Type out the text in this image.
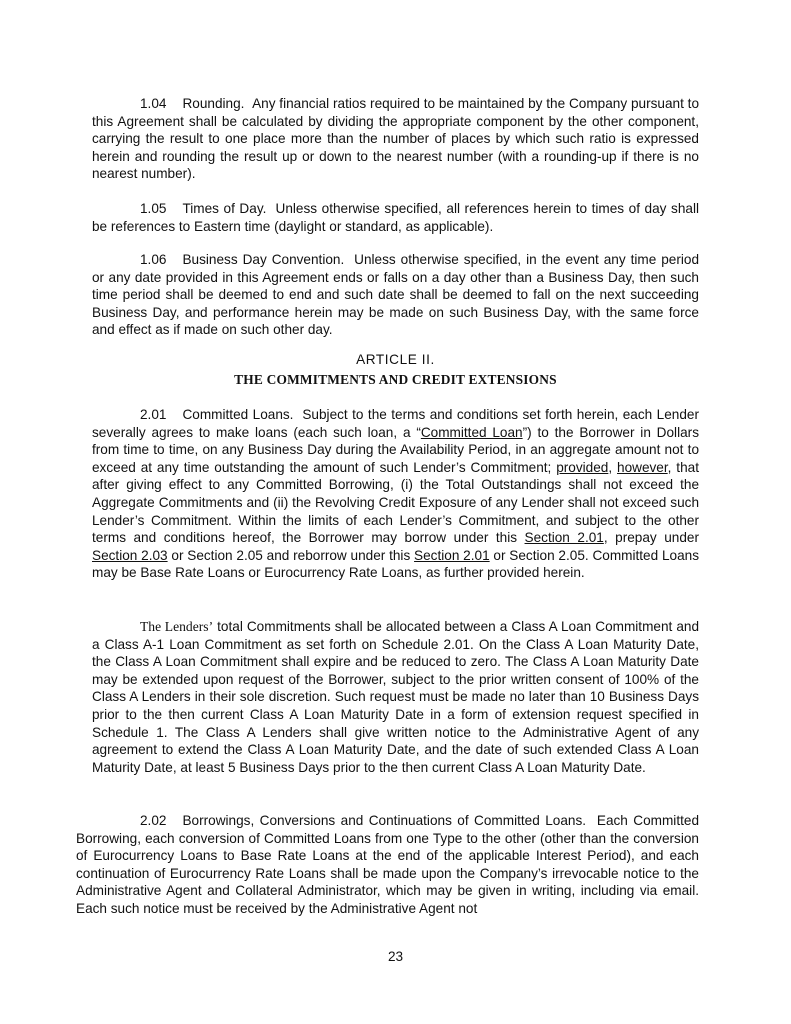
1.04 Rounding. Any financial ratios required to be maintained by the Company pursuant to this Agreement shall be calculated by dividing the appropriate component by the other component, carrying the result to one place more than the number of places by which such ratio is expressed herein and rounding the result up or down to the nearest number (with a rounding-up if there is no nearest number).

1.05 Times of Day. Unless otherwise specified, all references herein to times of day shall be references to Eastern time (daylight or standard, as applicable).

1.06 Business Day Convention. Unless otherwise specified, in the event any time period or any date provided in this Agreement ends or falls on a day other than a Business Day, then such time period shall be deemed to end and such date shall be deemed to fall on the next succeeding Business Day, and performance herein may be made on such Business Day, with the same force and effect as if made on such other day.

ARTICLE II.
THE COMMITMENTS AND CREDIT EXTENSIONS

2.01 Committed Loans. Subject to the terms and conditions set forth herein, each Lender severally agrees to make loans (each such loan, a “Committed Loan”) to the Borrower in Dollars from time to time, on any Business Day during the Availability Period, in an aggregate amount not to exceed at any time outstanding the amount of such Lender’s Commitment; provided, however, that after giving effect to any Committed Borrowing, (i) the Total Outstandings shall not exceed the Aggregate Commitments and (ii) the Revolving Credit Exposure of any Lender shall not exceed such Lender’s Commitment. Within the limits of each Lender’s Commitment, and subject to the other terms and conditions hereof, the Borrower may borrow under this Section 2.01, prepay under Section 2.03 or Section 2.05 and reborrow under this Section 2.01 or Section 2.05. Committed Loans may be Base Rate Loans or Eurocurrency Rate Loans, as further provided herein.

The Lenders’ total Commitments shall be allocated between a Class A Loan Commitment and a Class A-1 Loan Commitment as set forth on Schedule 2.01. On the Class A Loan Maturity Date, the Class A Loan Commitment shall expire and be reduced to zero. The Class A Loan Maturity Date may be extended upon request of the Borrower, subject to the prior written consent of 100% of the Class A Lenders in their sole discretion. Such request must be made no later than 10 Business Days prior to the then current Class A Loan Maturity Date in a form of extension request specified in Schedule 1. The Class A Lenders shall give written notice to the Administrative Agent of any agreement to extend the Class A Loan Maturity Date, and the date of such extended Class A Loan Maturity Date, at least 5 Business Days prior to the then current Class A Loan Maturity Date.

2.02 Borrowings, Conversions and Continuations of Committed Loans. Each Committed Borrowing, each conversion of Committed Loans from one Type to the other (other than the conversion of Eurocurrency Loans to Base Rate Loans at the end of the applicable Interest Period), and each continuation of Eurocurrency Rate Loans shall be made upon the Company’s irrevocable notice to the Administrative Agent and Collateral Administrator, which may be given in writing, including via email. Each such notice must be received by the Administrative Agent not

23
